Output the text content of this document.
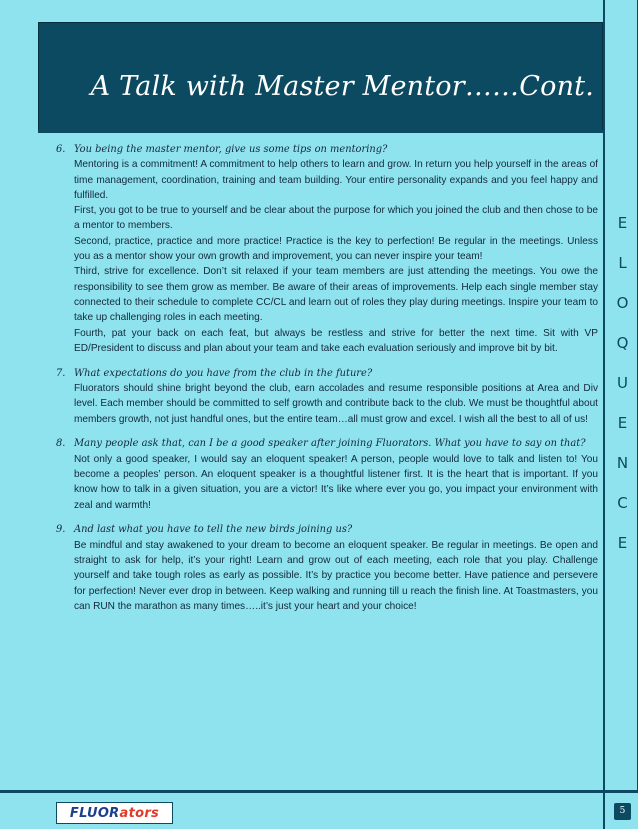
A Talk with Master Mentor……Cont.
E
L
O
Q
U
E
N
C
E
6. You being the master mentor, give us some tips on mentoring?

Mentoring is a commitment! A commitment to help others to learn and grow. In return you help yourself in the areas of time management, coordination, training and team building. Your entire personality expands and you feel happy and fulfilled.

First, you got to be true to yourself and be clear about the purpose for which you joined the club and then chose to be a mentor to members.

Second, practice, practice and more practice! Practice is the key to perfection! Be regular in the meetings. Unless you as a mentor show your own growth and improvement, you can never inspire your team!

Third, strive for excellence. Don’t sit relaxed if your team members are just attending the meetings. You owe the responsibility to see them grow as member. Be aware of their areas of improvements. Help each single member stay connected to their schedule to complete CC/CL and learn out of roles they play during meetings. Inspire your team to take up challenging roles in each meeting.

Fourth, pat your back on each feat, but always be restless and strive for better the next time. Sit with VP ED/President to discuss and plan about your team and take each evaluation seriously and improve bit by bit.

7. What expectations do you have from the club in the future?

Fluorators should shine bright beyond the club, earn accolades and resume responsible positions at Area and Div level. Each member should be committed to self growth and contribute back to the club. We must be thoughtful about members growth, not just handful ones, but the entire team…all must grow and excel. I wish all the best to all of us!

8. Many people ask that, can I be a good speaker after joining Fluorators. What you have to say on that?

Not only a good speaker, I would say an eloquent speaker! A person, people would love to talk and listen to! You become a peoples’ person. An eloquent speaker is a thoughtful listener first. It is the heart that is important. If you know how to talk in a given situation, you are a victor! It’s like where ever you go, you impact your environment with zeal and warmth!

9. And last what you have to tell the new birds joining us?

Be mindful and stay awakened to your dream to become an eloquent speaker. Be regular in meetings. Be open and straight to ask for help, it’s your right! Learn and grow out of each meeting, each role that you play. Challenge yourself and take tough roles as early as possible. It’s by practice you become better. Have patience and persevere for perfection! Never ever drop in between. Keep walking and running till u reach the finish line. At Toastmasters, you can RUN the marathon as many times…..it’s just your heart and your choice!

FLUOR ators	5
